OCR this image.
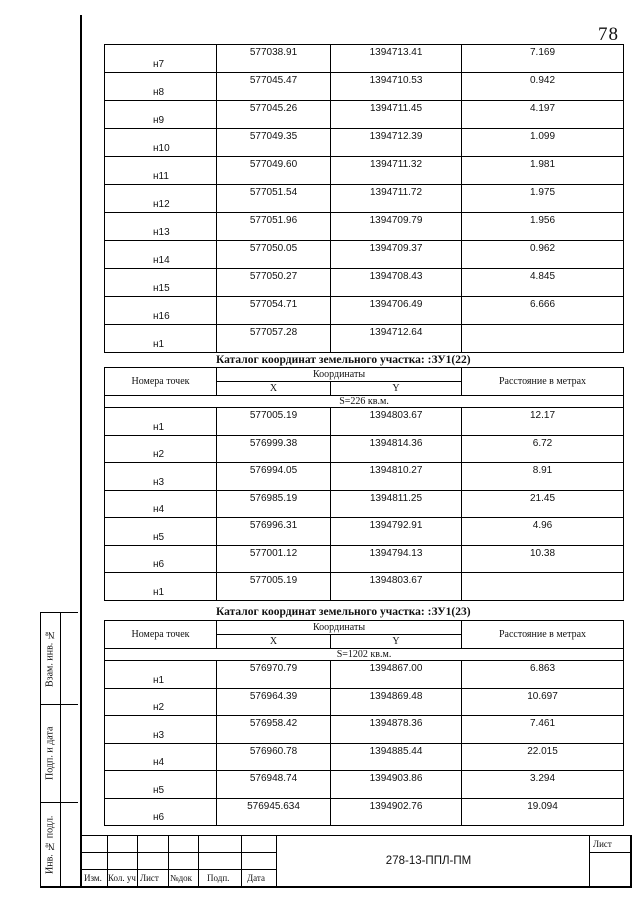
78
н7	577038.91	1394713.41	7.169

н8	577045.47	1394710.53	0.942

н9	577045.26	1394711.45	4.197

н10	577049.35	1394712.39	1.099

н11	577049.60	1394711.32	1.981

н12	577051.54	1394711.72	1.975

н13	577051.96	1394709.79	1.956

н14	577050.05	1394709.37	0.962

н15	577050.27	1394708.43	4.845

н16	577054.71	1394706.49	6.666

н1	577057.28	1394712.64	

Каталог координат земельного участка: :ЗУ1(22)
Номера точек	Координаты		Расстояние в метрах
	X	Y	
S=226 кв.м.			

н1	577005.19	1394803.67	12.17

н2	576999.38	1394814.36	6.72

н3	576994.05	1394810.27	8.91

н4	576985.19	1394811.25	21.45

н5	576996.31	1394792.91	4.96

н6	577001.12	1394794.13	10.38

н1	577005.19	1394803.67	

Каталог координат земельного участка: :ЗУ1(23)
Номера точек	Координаты		Расстояние в метрах
	X	Y	
S=1202 кв.м.			

н1	576970.79	1394867.00	6.863

н2	576964.39	1394869.48	10.697

н3	576958.42	1394878.36	7.461

н4	576960.78	1394885.44	22.015

н5	576948.74	1394903.86	3.294

н6	576945.634	1394902.76	19.094
Взам. инв. №
Подп. и дата
Инв. № подл.
Изм. Кол. уч Лист №док Подп. Дата
278-13-ППЛ-ПМ
Лист
